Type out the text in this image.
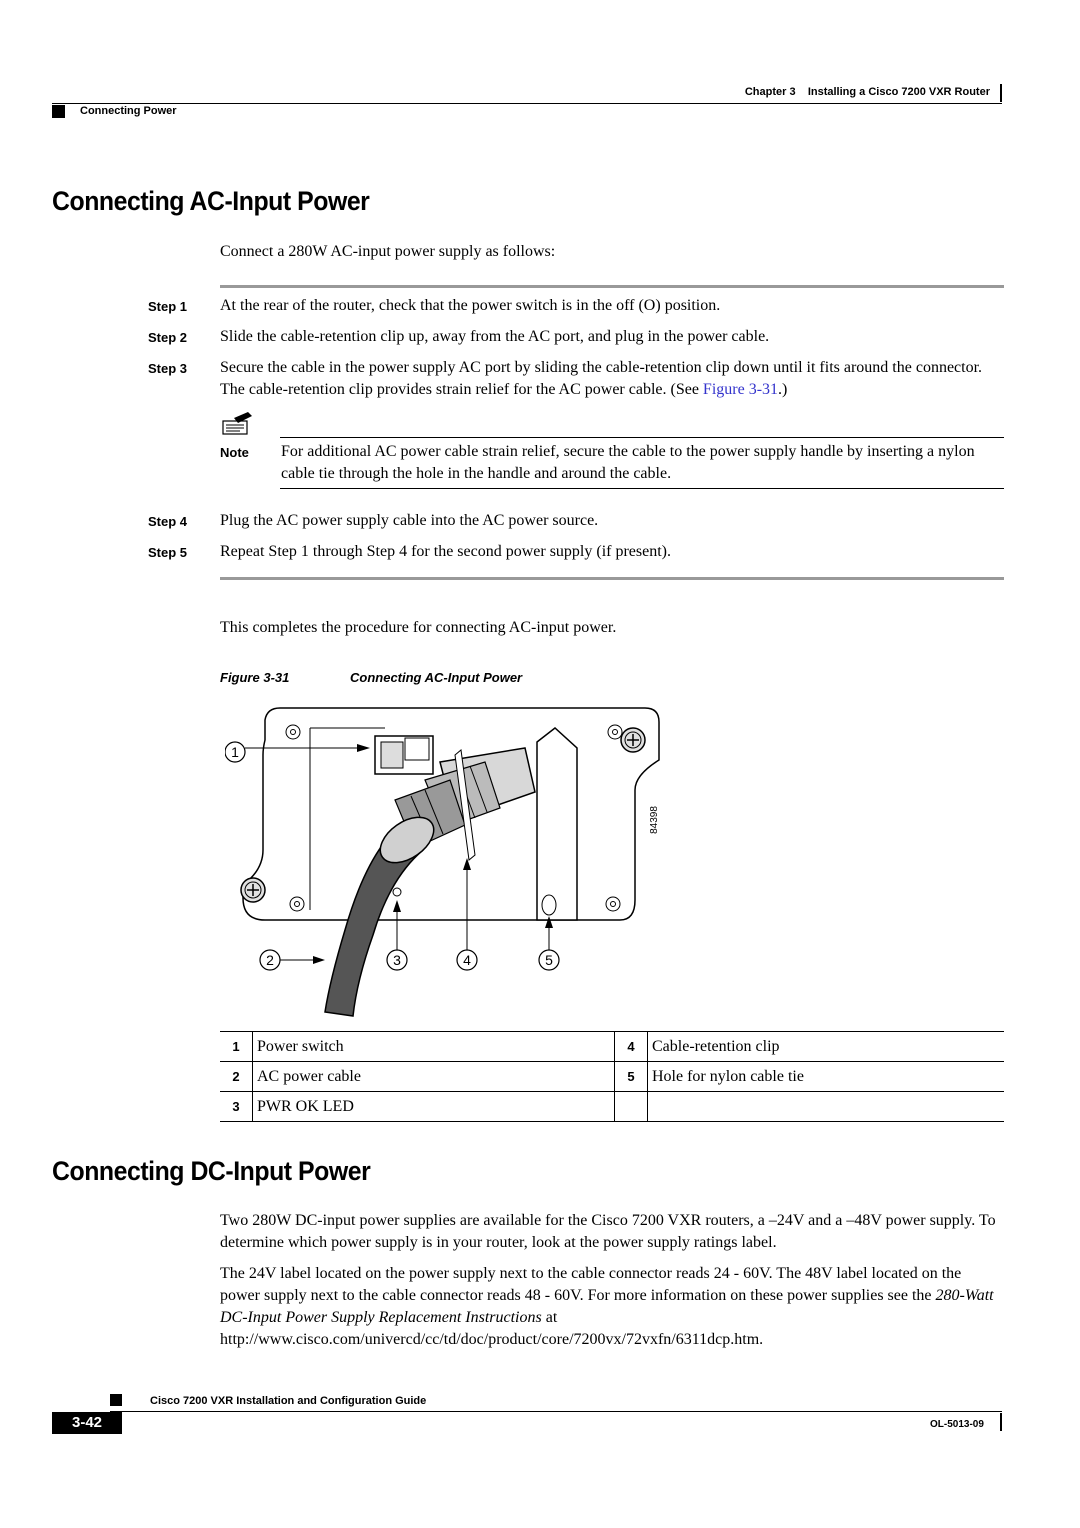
Chapter 3 Installing a Cisco 7200 VXR Router
Connecting Power
Connecting AC-Input Power
Connect a 280W AC-input power supply as follows:
Step 1 At the rear of the router, check that the power switch is in the off (O) position.
Step 2 Slide the cable-retention clip up, away from the AC port, and plug in the power cable.
Step 3 Secure the cable in the power supply AC port by sliding the cable-retention clip down until it fits around the connector. The cable-retention clip provides strain relief for the AC power cable. (See Figure 3-31.)
Note For additional AC power cable strain relief, secure the cable to the power supply handle by inserting a nylon cable tie through the hole in the handle and around the cable.
Step 4 Plug the AC power supply cable into the AC power source.
Step 5 Repeat Step 1 through Step 4 for the second power supply (if present).
This completes the procedure for connecting AC-input power.
Figure 3-31	Connecting AC-Input Power
84398
1
2	3	4	5
1	Power switch	4	Cable-retention clip
2	AC power cable	5	Hole for nylon cable tie
3	PWR OK LED		
Connecting DC-Input Power
Two 280W DC-input power supplies are available for the Cisco 7200 VXR routers, a –24V and a –48V power supply. To determine which power supply is in your router, look at the power supply ratings label.
The 24V label located on the power supply next to the cable connector reads 24 - 60V. The 48V label located on the power supply next to the cable connector reads 48 - 60V. For more information on these power supplies see the 280-Watt DC-Input Power Supply Replacement Instructions at http://www.cisco.com/univercd/cc/td/doc/product/core/7200vx/72vxfn/6311dcp.htm.
Cisco 7200 VXR Installation and Configuration Guide
3-42	OL-5013-09
